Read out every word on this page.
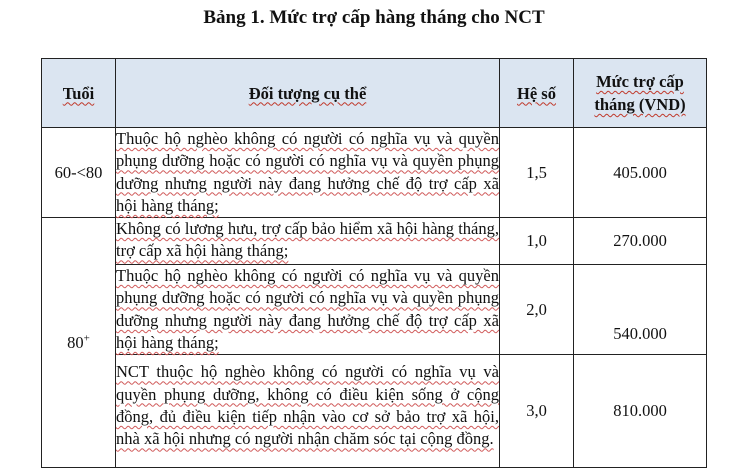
Bảng 1. Mức trợ cấp hàng tháng cho NCT
Tuổi	Đối tượng cụ thể	Hệ số	Mức trợ cấp tháng (VND)
60-<80	Thuộc hộ nghèo không có người có nghĩa vụ và quyền phụng dưỡng hoặc có người có nghĩa vụ và quyền phụng dưỡng nhưng người này đang hưởng chế độ trợ cấp xã hội hàng tháng;	1,5	405.000
80+	Không có lương hưu, trợ cấp bảo hiểm xã hội hàng tháng, trợ cấp xã hội hàng tháng;	1,0	270.000
	Thuộc hộ nghèo không có người có nghĩa vụ và quyền phụng dưỡng hoặc có người có nghĩa vụ và quyền phụng dưỡng nhưng người này đang hưởng chế độ trợ cấp xã hội hàng tháng;	2,0	540.000
	NCT thuộc hộ nghèo không có người có nghĩa vụ và quyền phụng dưỡng, không có điều kiện sống ở cộng đồng, đủ điều kiện tiếp nhận vào cơ sở bảo trợ xã hội, nhà xã hội nhưng có người nhận chăm sóc tại cộng đồng.	3,0	810.000
